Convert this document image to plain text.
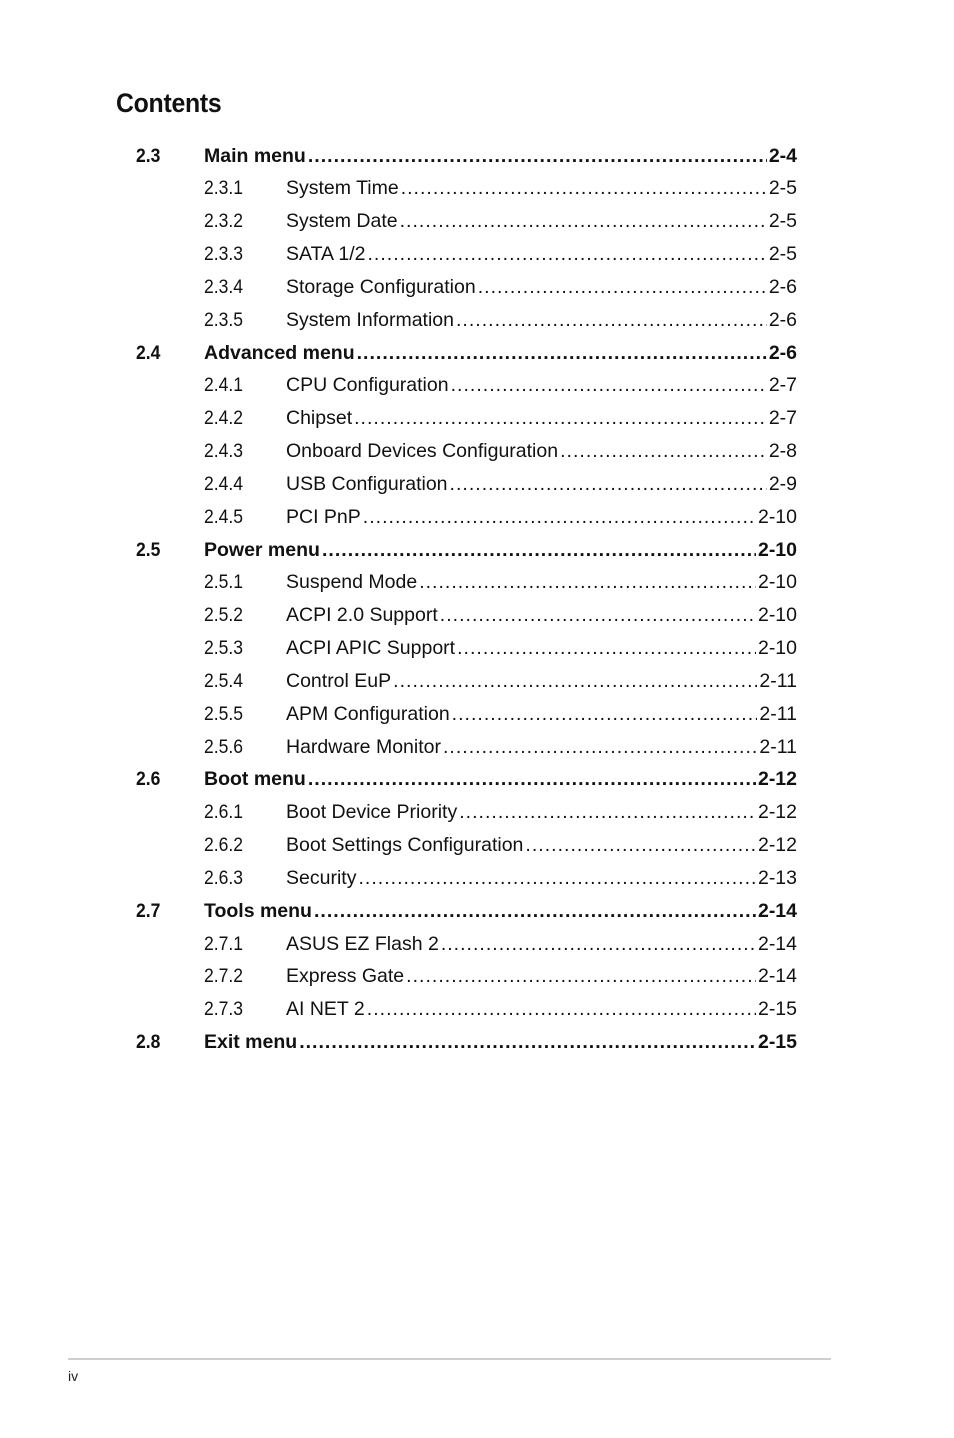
Contents
2.3 Main menu . . .	2-4
2.3.1 System Time . . .	2-5
2.3.2 System Date . . .	2-5
2.3.3 SATA 1/2 . . .	2-5
2.3.4 Storage Configuration . . .	2-6
2.3.5 System Information . . .	2-6
2.4 Advanced menu . . .	2-6
2.4.1 CPU Configuration . . .	2-7
2.4.2 Chipset . . .	2-7
2.4.3 Onboard Devices Configuration . . .	2-8
2.4.4 USB Configuration . . .	2-9
2.4.5 PCI PnP . . .	2-10
2.5 Power menu . . .	2-10
2.5.1 Suspend Mode . . .	2-10
2.5.2 ACPI 2.0 Support . . .	2-10
2.5.3 ACPI APIC Support . . .	2-10
2.5.4 Control EuP . . .	2-11
2.5.5 APM Configuration . . .	2-11
2.5.6 Hardware Monitor . . .	2-11
2.6 Boot menu . . .	2-12
2.6.1 Boot Device Priority . . .	2-12
2.6.2 Boot Settings Configuration . . .	2-12
2.6.3 Security . . .	2-13
2.7 Tools menu . . .	2-14
2.7.1 ASUS EZ Flash 2 . . .	2-14
2.7.2 Express Gate . . .	2-14
2.7.3 AI NET 2 . . .	2-15
2.8 Exit menu . . .	2-15
iv
